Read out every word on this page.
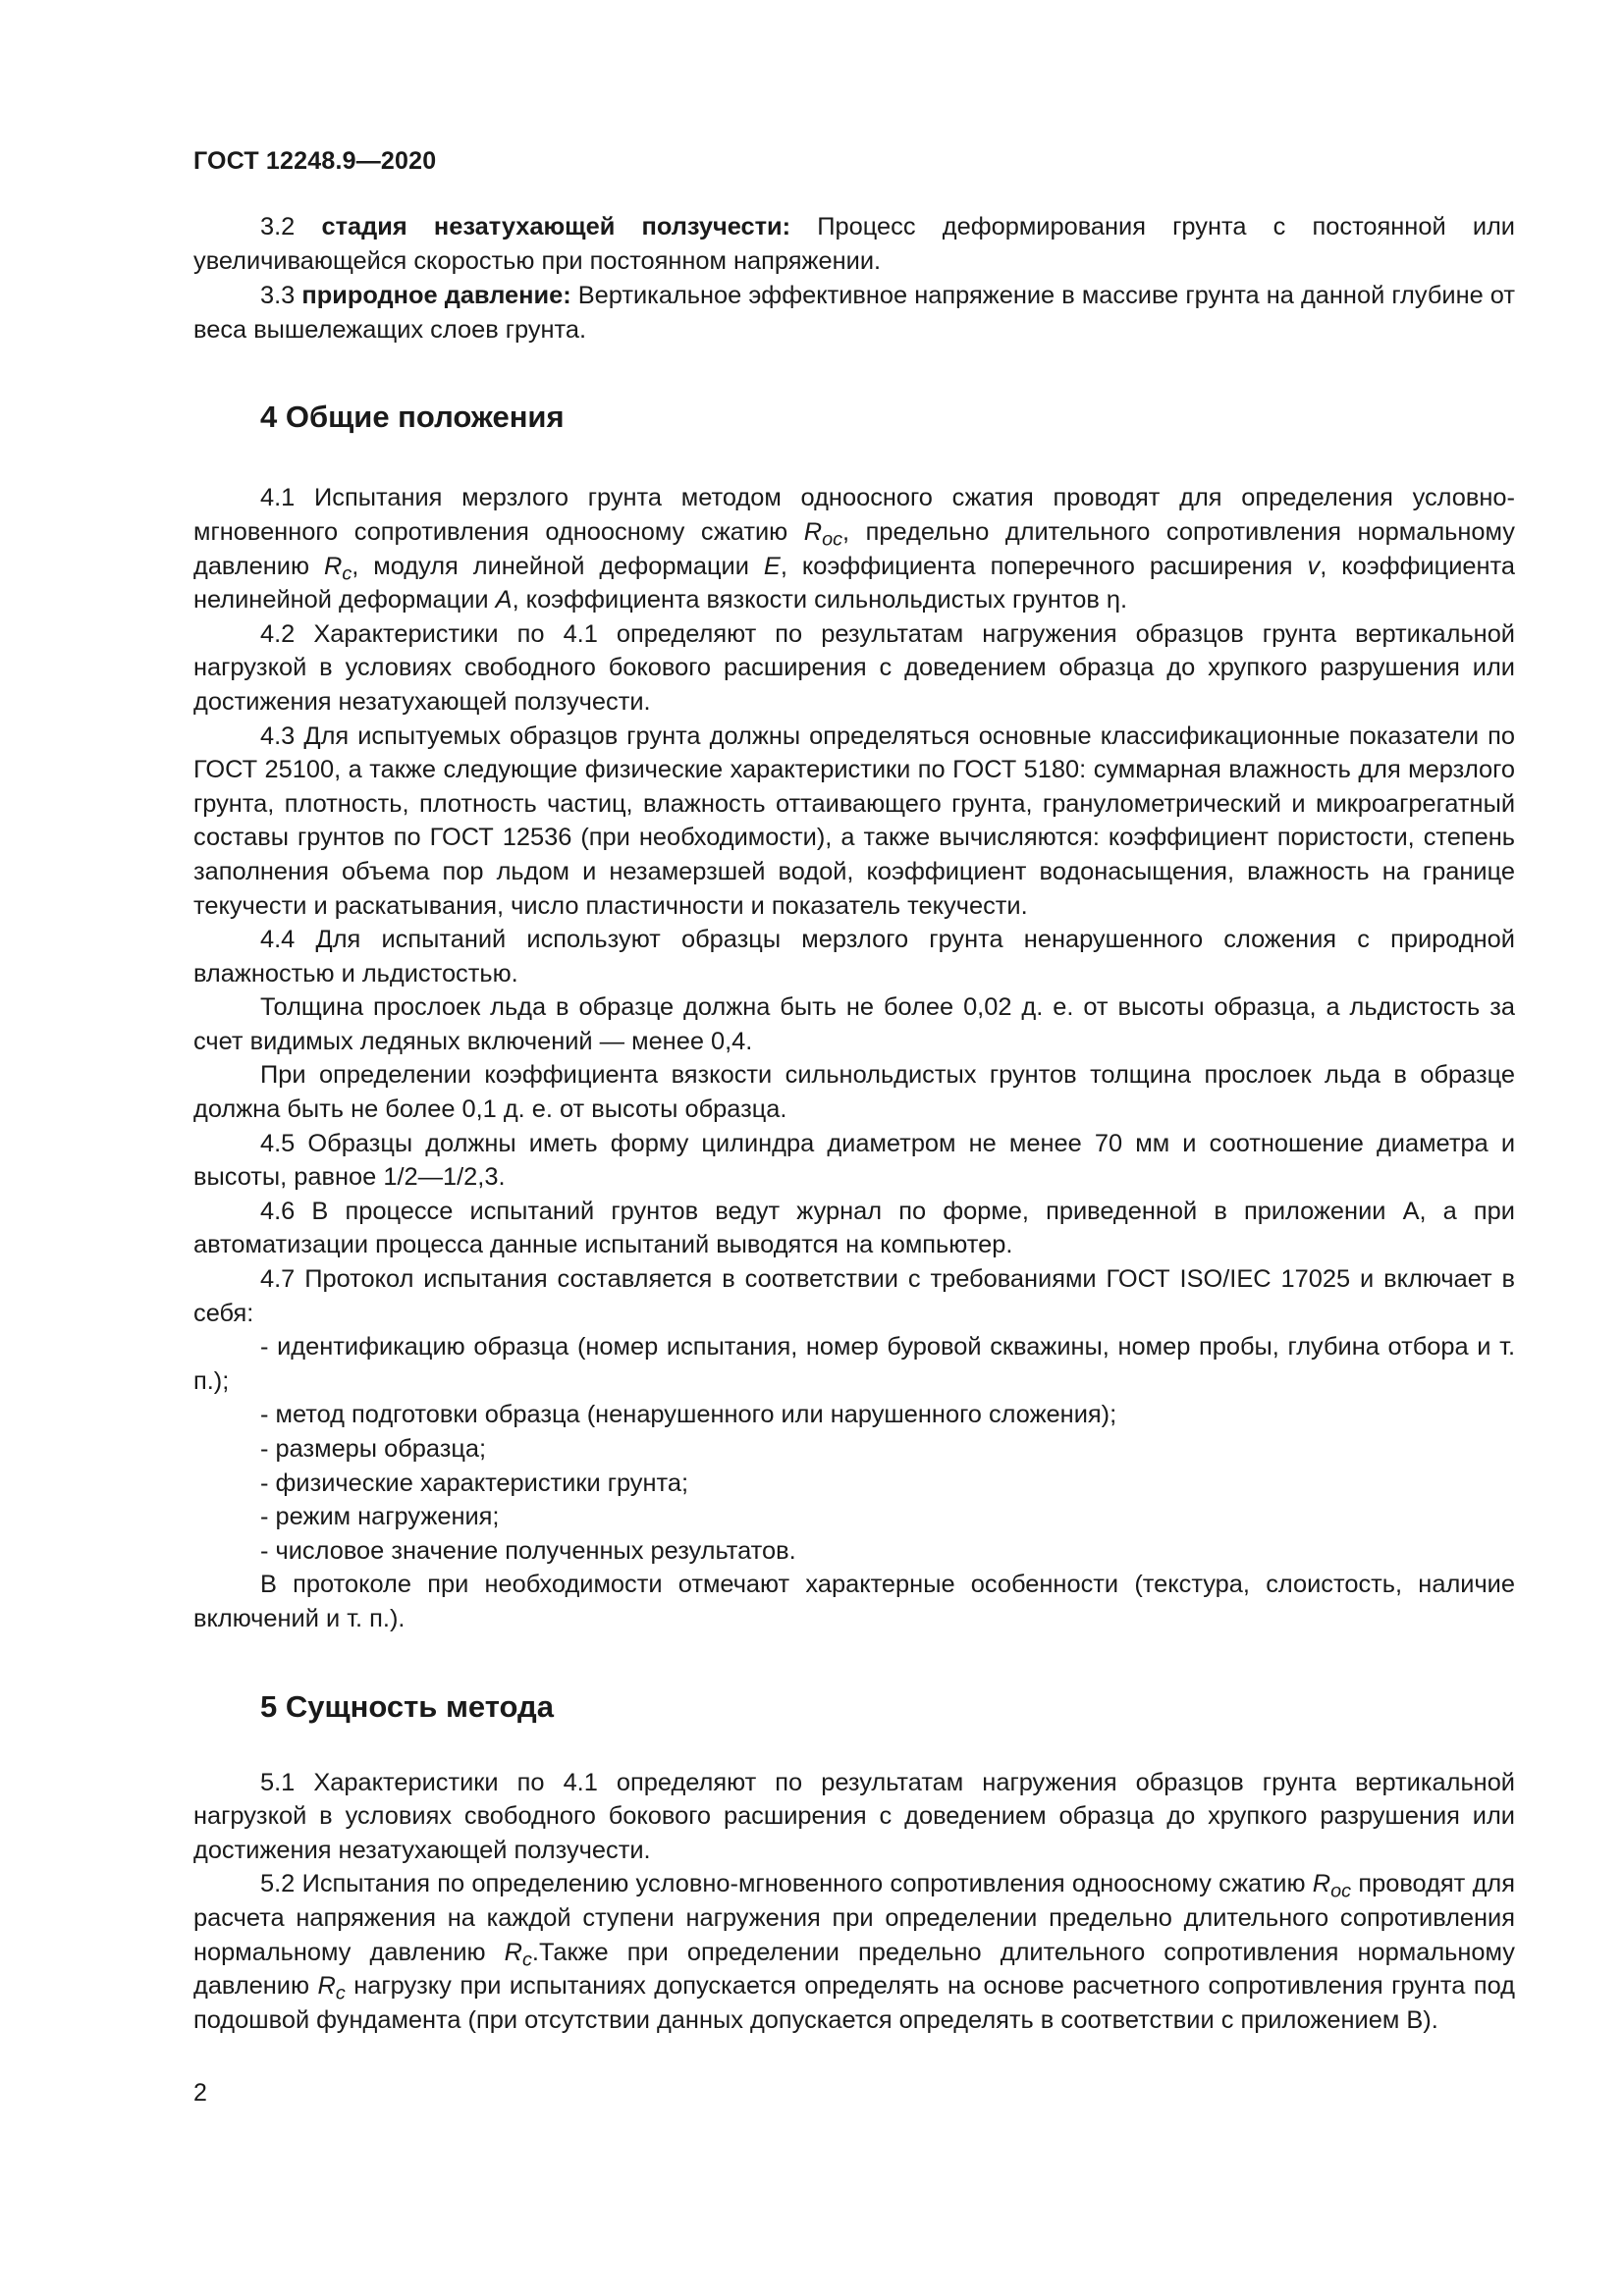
ГОСТ 12248.9—2020

3.2 стадия незатухающей ползучести: Процесс деформирования грунта с постоянной или увеличивающейся скоростью при постоянном напряжении.

3.3 природное давление: Вертикальное эффективное напряжение в массиве грунта на данной глубине от веса вышележащих слоев грунта.

4 Общие положения

4.1 Испытания мерзлого грунта методом одноосного сжатия проводят для определения условно-мгновенного сопротивления одноосному сжатию $R_{oc}$, предельно длительного сопротивления нормальному давлению $R_c$, модуля линейной деформации E, коэффициента поперечного расширения v, коэффициента нелинейной деформации A, коэффициента вязкости сильнольдистых грунтов η.

4.2 Характеристики по 4.1 определяют по результатам нагружения образцов грунта вертикальной нагрузкой в условиях свободного бокового расширения с доведением образца до хрупкого разрушения или достижения незатухающей ползучести.

4.3 Для испытуемых образцов грунта должны определяться основные классификационные показатели по ГОСТ 25100, а также следующие физические характеристики по ГОСТ 5180: суммарная влажность для мерзлого грунта, плотность, плотность частиц, влажность оттаивающего грунта, гранулометрический и микроагрегатный составы грунтов по ГОСТ 12536 (при необходимости), а также вычисляются: коэффициент пористости, степень заполнения объема пор льдом и незамерзшей водой, коэффициент водонасыщения, влажность на границе текучести и раскатывания, число пластичности и показатель текучести.

4.4 Для испытаний используют образцы мерзлого грунта ненарушенного сложения с природной влажностью и льдистостью.

Толщина прослоек льда в образце должна быть не более 0,02 д. е. от высоты образца, а льдистость за счет видимых ледяных включений — менее 0,4.

При определении коэффициента вязкости сильнольдистых грунтов толщина прослоек льда в образце должна быть не более 0,1 д. е. от высоты образца.

4.5 Образцы должны иметь форму цилиндра диаметром не менее 70 мм и соотношение диаметра и высоты, равное 1/2—1/2,3.

4.6 В процессе испытаний грунтов ведут журнал по форме, приведенной в приложении А, а при автоматизации процесса данные испытаний выводятся на компьютер.

4.7 Протокол испытания составляется в соответствии с требованиями ГОСТ ISO/IEC 17025 и включает в себя:

- идентификацию образца (номер испытания, номер буровой скважины, номер пробы, глубина отбора и т. п.);

- метод подготовки образца (ненарушенного или нарушенного сложения);

- размеры образца;

- физические характеристики грунта;

- режим нагружения;

- числовое значение полученных результатов.

В протоколе при необходимости отмечают характерные особенности (текстура, слоистость, наличие включений и т. п.).

5 Сущность метода

5.1 Характеристики по 4.1 определяют по результатам нагружения образцов грунта вертикальной нагрузкой в условиях свободного бокового расширения с доведением образца до хрупкого разрушения или достижения незатухающей ползучести.

5.2 Испытания по определению условно-мгновенного сопротивления одноосному сжатию $R_{oc}$ проводят для расчета напряжения на каждой ступени нагружения при определении предельно длительного сопротивления нормальному давлению $R_c.Также$ при определении предельно длительного сопротивления нормальному давлению $R_c$ нагрузку при испытаниях допускается определять на основе расчетного сопротивления грунта под подошвой фундамента (при отсутствии данных допускается определять в соответствии с приложением В).

2
